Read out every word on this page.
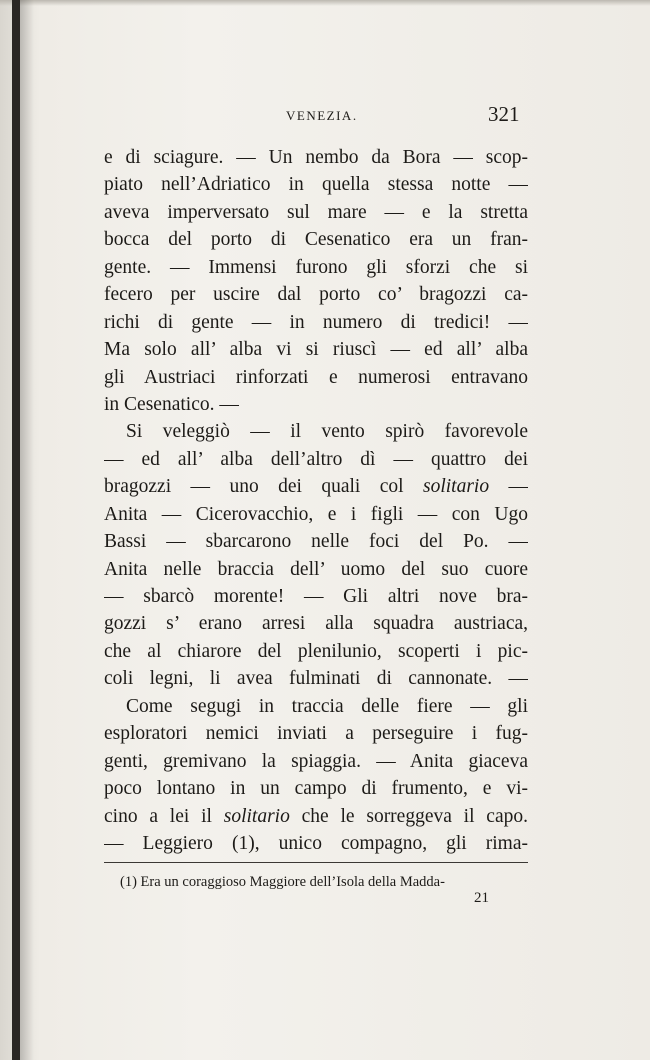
VENEZIA.	321
e di sciagure. — Un nembo da Bora — scop-
piato nell’Adriatico in quella stessa notte —
aveva imperversato sul mare — e la stretta
bocca del porto di Cesenatico era un fran-
gente. — Immensi furono gli sforzi che si
fecero per uscire dal porto co’ bragozzi ca-
richi di gente — in numero di tredici! —
Ma solo all’ alba vi si riuscì — ed all’ alba
gli Austriaci rinforzati e numerosi entravano
in Cesenatico. —
Si veleggiò — il vento spirò favorevole
— ed all’ alba dell’altro dì — quattro dei
bragozzi — uno dei quali col solitario —
Anita — Cicerovacchio, e i figli — con Ugo
Bassi — sbarcarono nelle foci del Po. —
Anita nelle braccia dell’ uomo del suo cuore
— sbarcò morente! — Gli altri nove bra-
gozzi s’ erano arresi alla squadra austriaca,
che al chiarore del plenilunio, scoperti i pic-
coli legni, li avea fulminati di cannonate. —
Come segugi in traccia delle fiere — gli
esploratori nemici inviati a perseguire i fug-
genti, gremivano la spiaggia. — Anita giaceva
poco lontano in un campo di frumento, e vi-
cino a lei il solitario che le sorreggeva il capo.
— Leggiero (1), unico compagno, gli rima-
(1) Era un coraggioso Maggiore dell’Isola della Madda-
21
